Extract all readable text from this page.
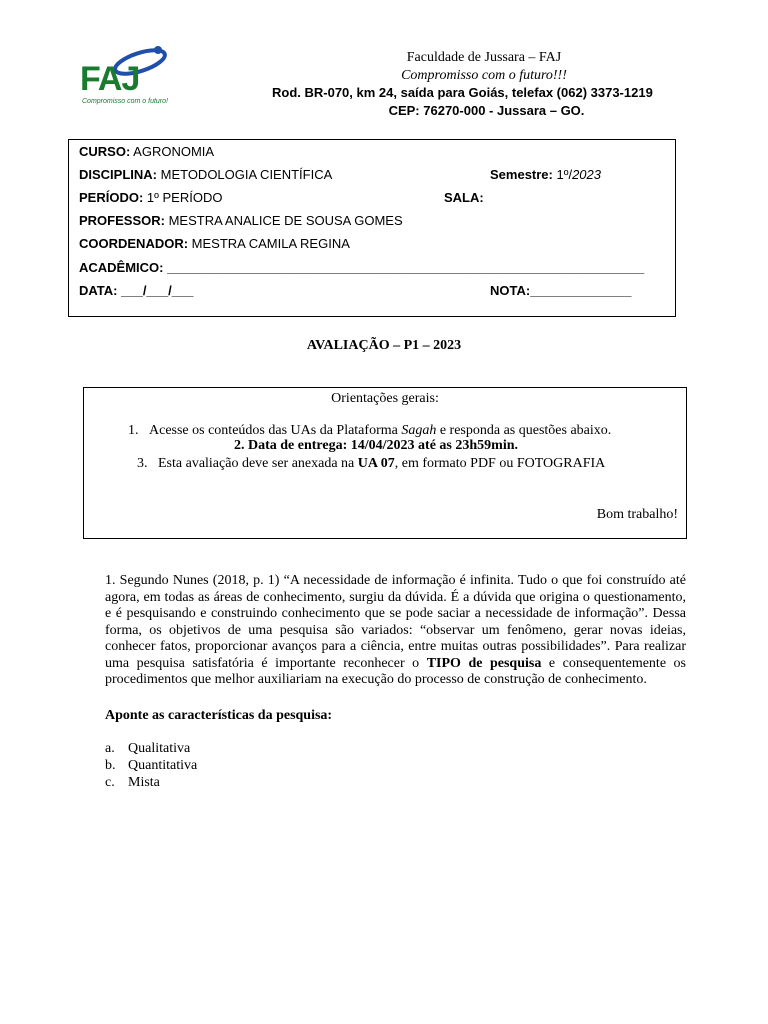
FAJ
Compromisso com o futuro!
Faculdade de Jussara – FAJ
Compromisso com o futuro!!!
Rod. BR-070, km 24, saída para Goiás, telefax (062) 3373-1219
CEP: 76270-000 - Jussara – GO.
CURSO: AGRONOMIA
DISCIPLINA: METODOLOGIA CIENTÍFICA	Semestre: 1º/2023
PERÍODO: 1º PERÍODO	SALA:
PROFESSOR: MESTRA ANALICE DE SOUSA GOMES
COORDENADOR: MESTRA CAMILA REGINA
ACADÊMICO: __________________________________________________________________
DATA: ___/___/___	NOTA:______________
AVALIAÇÃO – P1 – 2023
Orientações gerais:
1. Acesse os conteúdos das UAs da Plataforma Sagah e responda as questões abaixo.
2. Data de entrega: 14/04/2023 até as 23h59min.
3. Esta avaliação deve ser anexada na UA 07, em formato PDF ou FOTOGRAFIA
Bom trabalho!
1. Segundo Nunes (2018, p. 1) “A necessidade de informação é infinita. Tudo o que foi construído até agora, em todas as áreas de conhecimento, surgiu da dúvida. É a dúvida que origina o questionamento, e é pesquisando e construindo conhecimento que se pode saciar a necessidade de informação”. Dessa forma, os objetivos de uma pesquisa são variados: “observar um fenômeno, gerar novas ideias, conhecer fatos, proporcionar avanços para a ciência, entre muitas outras possibilidades”. Para realizar uma pesquisa satisfatória é importante reconhecer o TIPO de pesquisa e consequentemente os procedimentos que melhor auxiliariam na execução do processo de construção de conhecimento.
Aponte as características da pesquisa:
a. Qualitativa
b. Quantitativa
c. Mista
